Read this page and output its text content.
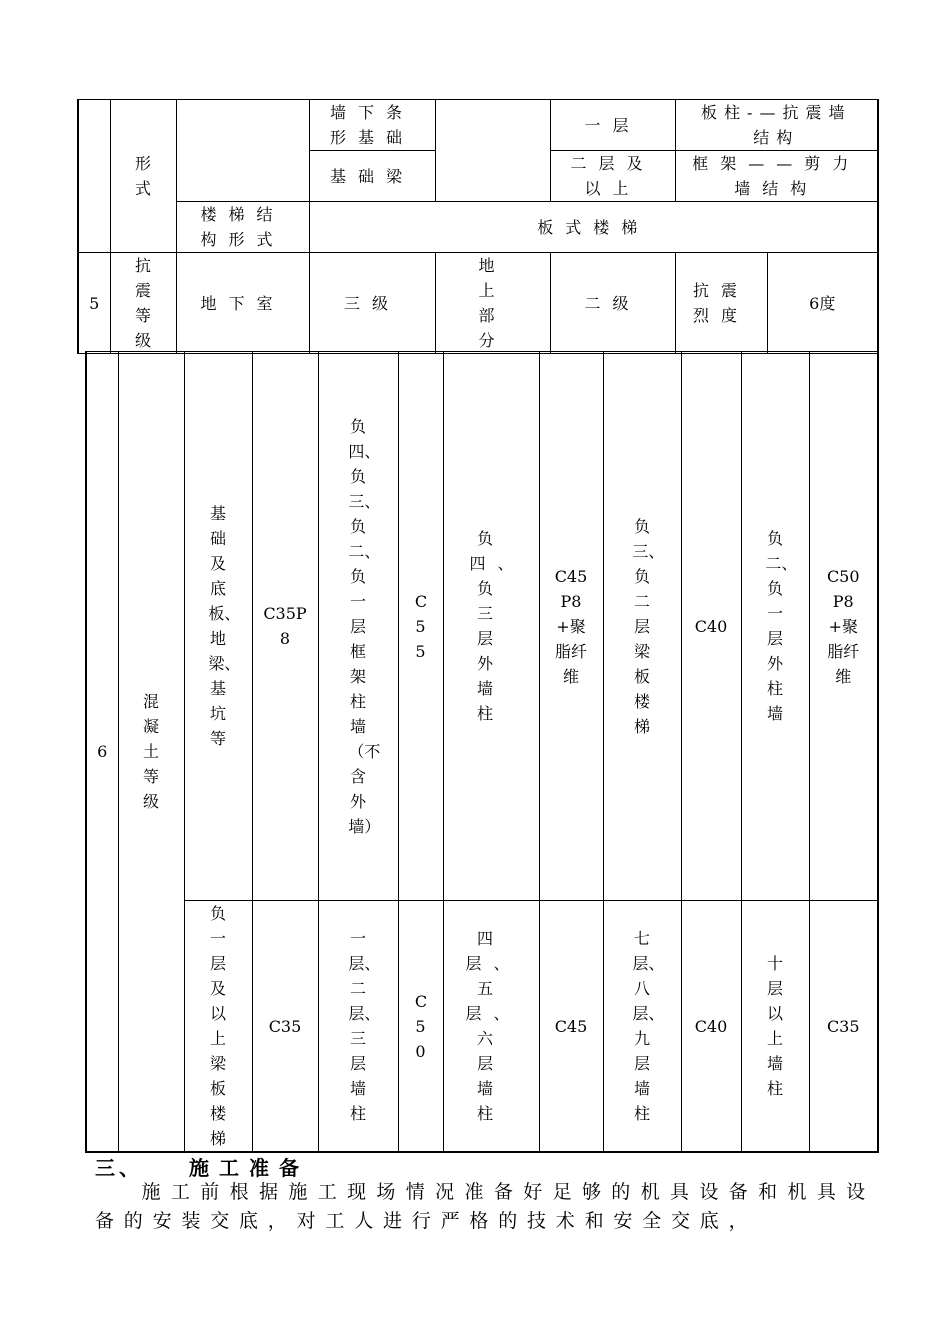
	形式		墙下条形基础		一层	板柱-—抗震墙结构	

			基础梁		二层及以上	框架——剪力墙结构	

		楼梯结构形式	板式楼梯				
5	抗震等级	地下室	三级	地上部分	二级	抗震烈度	6度
6	混凝土等级	基础及底板、地梁、基坑等	C35P8	负四、负三、负二、负一层框架柱墙（不含外墙）	C55	负四、负三层外墙柱	C45P8+聚脂纤维	负三、负二层梁板楼梯	C40	负二、负一层外柱墙	C50P8+聚脂纤维

		负一层及以上梁板楼梯	C35	一层、二层、三层墙柱	C50	四层、五层、六层墙柱	C45	七层、八层、九层墙柱	C40	十层以上墙柱	C35
三、 施工准备
施工前根据施工现场情况准备好足够的机具设备和机具设备的安装交底，对工人进行严格的技术和安全交底，
